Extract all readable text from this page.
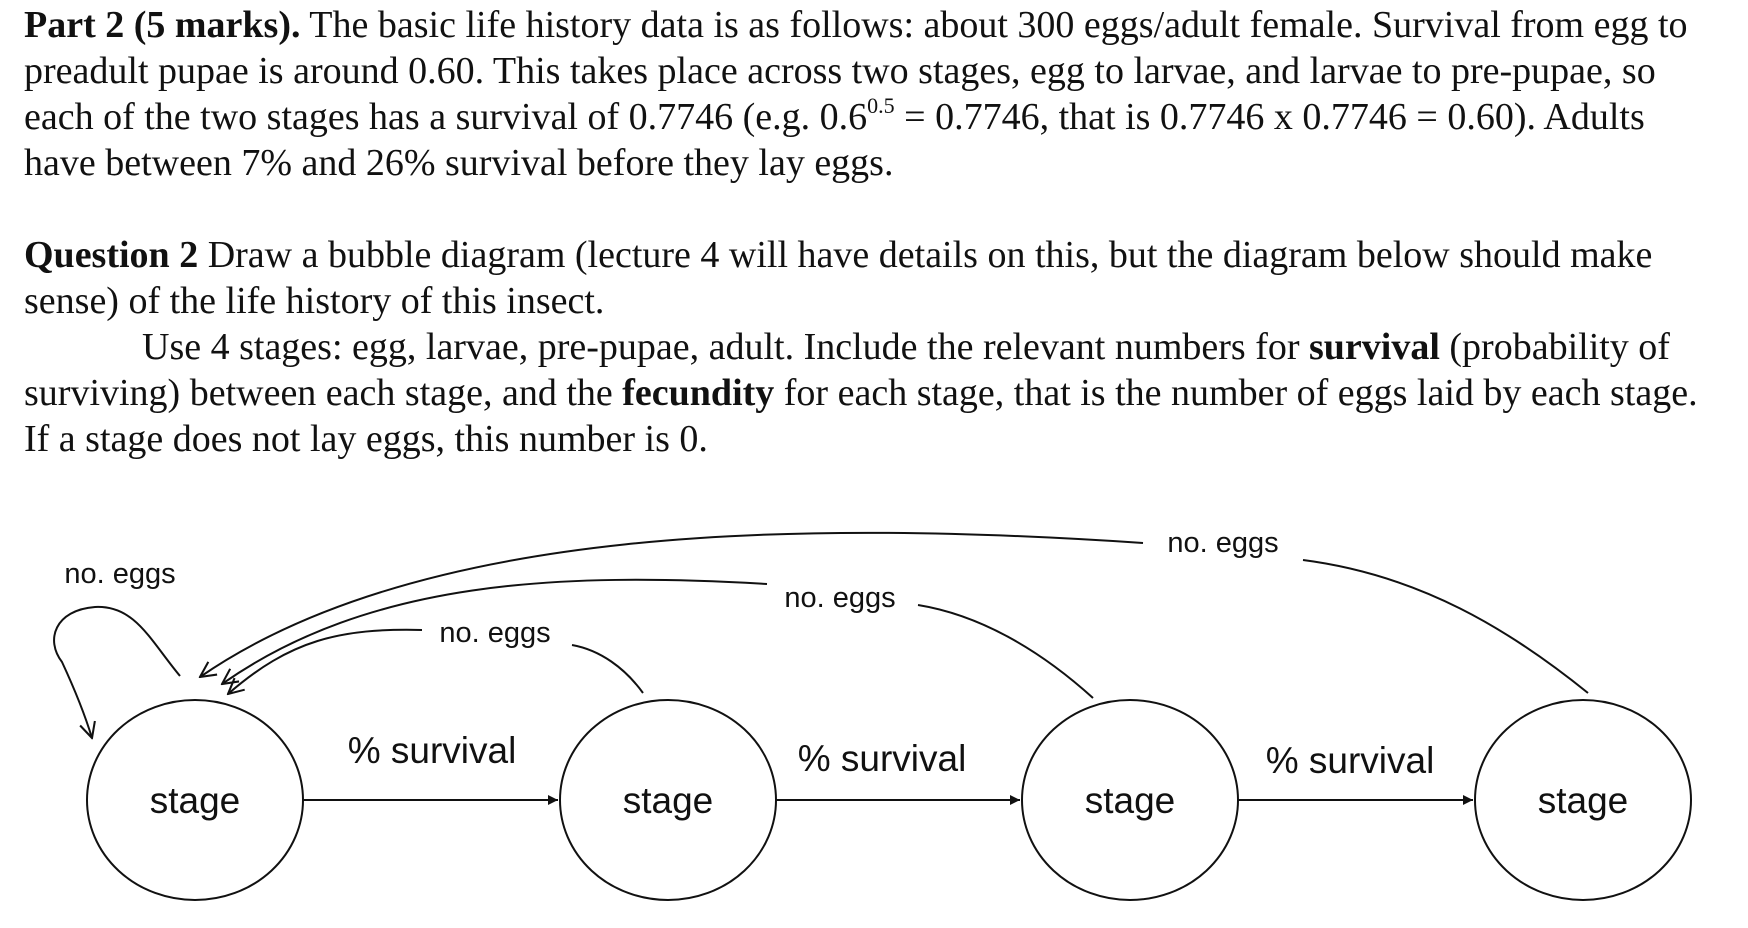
Part 2 (5 marks). The basic life history data is as follows: about 300 eggs/adult female. Survival from egg to preadult pupae is around 0.60. This takes place across two stages, egg to larvae, and larvae to pre-pupae, so each of the two stages has a survival of 0.7746 (e.g. $0.6^{0.5} = 0.7746$, that is 0.7746 x 0.7746 = 0.60). Adults have between 7% and 26% survival before they lay eggs.

Question 2 Draw a bubble diagram (lecture 4 will have details on this, but the diagram below should make sense) of the life history of this insect.
Use 4 stages: egg, larvae, pre-pupae, adult. Include the relevant numbers for survival (probability of surviving) between each stage, and the fecundity for each stage, that is the number of eggs laid by each stage. If a stage does not lay eggs, this number is 0.

stage	stage	stage	stage
% survival	% survival	% survival
no. eggs
no. eggs
no. eggs
no. eggs
